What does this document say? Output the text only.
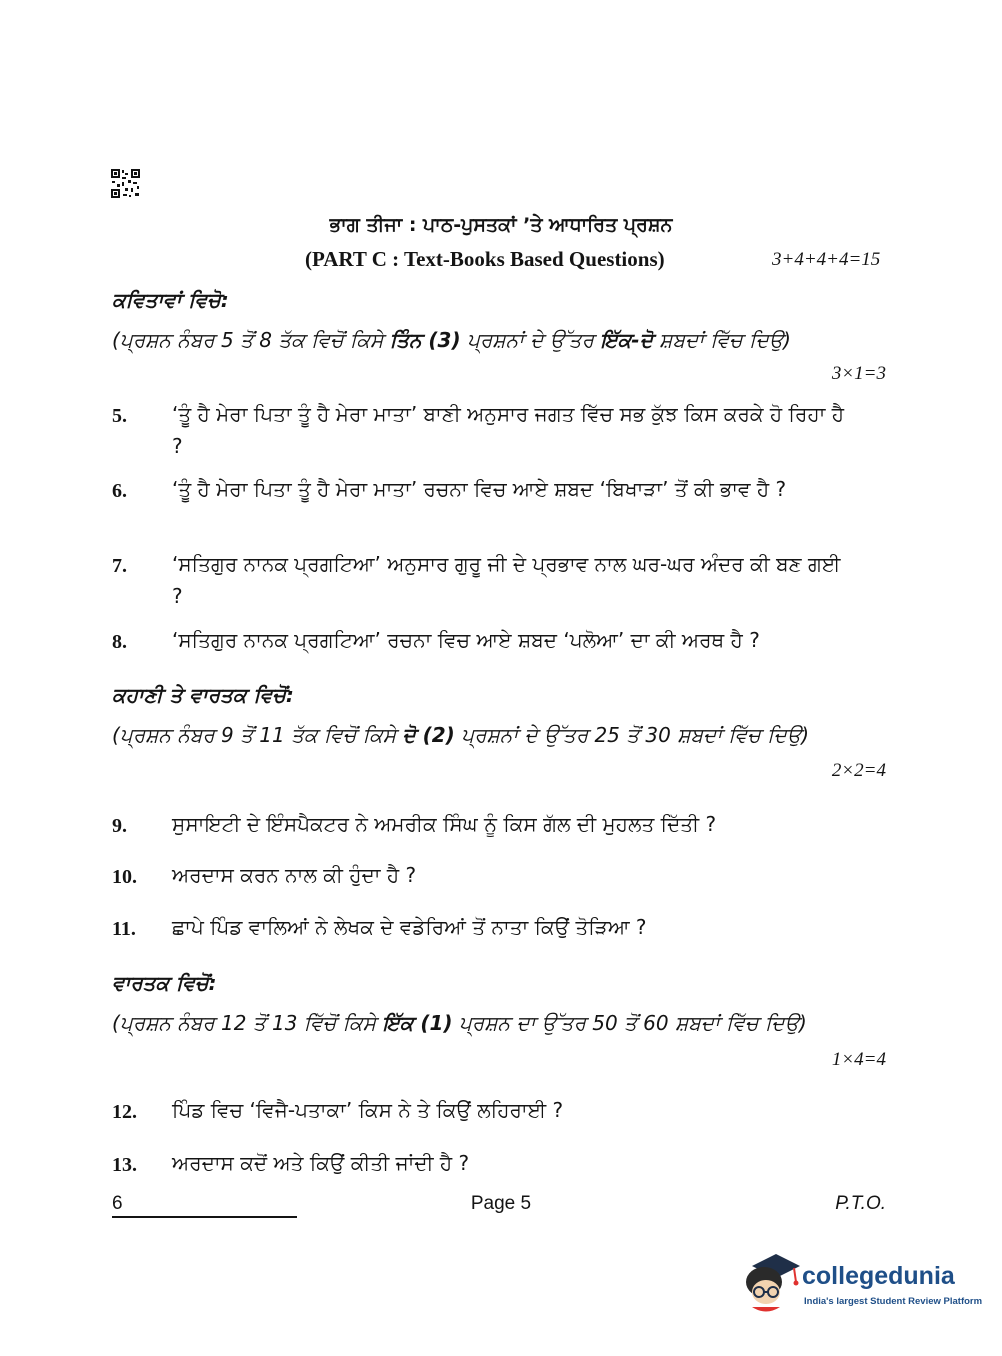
ਭਾਗ ਤੀਜਾ : ਪਾਠ-ਪੁਸਤਕਾਂ ’ਤੇ ਆਧਾਰਿਤ ਪ੍ਰਸ਼ਨ
(PART C : Text-Books Based Questions)	3+4+4+4=15
ਕਵਿਤਾਵਾਂ ਵਿਚੋ:
(ਪ੍ਰਸ਼ਨ ਨੰਬਰ 5 ਤੋਂ 8 ਤੱਕ ਵਿਚੋਂ ਕਿਸੇ ਤਿੰਨ (3) ਪ੍ਰਸ਼ਨਾਂ ਦੇ ਉੱਤਰ ਇੱਕ-ਦੋ ਸ਼ਬਦਾਂ ਵਿੱਚ ਦਿਉ)
3×1=3
5.	‘ਤੂੰ ਹੈ ਮੇਰਾ ਪਿਤਾ ਤੂੰ ਹੈ ਮੇਰਾ ਮਾਤਾ’ ਬਾਣੀ ਅਨੁਸਾਰ ਜਗਤ ਵਿੱਚ ਸਭ ਕੁੱਝ ਕਿਸ ਕਰਕੇ ਹੋ ਰਿਹਾ ਹੈ ?
6.	‘ਤੂੰ ਹੈ ਮੇਰਾ ਪਿਤਾ ਤੂੰ ਹੈ ਮੇਰਾ ਮਾਤਾ’ ਰਚਨਾ ਵਿਚ ਆਏ ਸ਼ਬਦ ‘ਬਿਖਾੜਾ’ ਤੋਂ ਕੀ ਭਾਵ ਹੈ ?
7.	‘ਸਤਿਗੁਰ ਨਾਨਕ ਪ੍ਰਗਟਿਆ’ ਅਨੁਸਾਰ ਗੁਰੂ ਜੀ ਦੇ ਪ੍ਰਭਾਵ ਨਾਲ ਘਰ-ਘਰ ਅੰਦਰ ਕੀ ਬਣ ਗਈ ?
8.	‘ਸਤਿਗੁਰ ਨਾਨਕ ਪ੍ਰਗਟਿਆ’ ਰਚਨਾ ਵਿਚ ਆਏ ਸ਼ਬਦ ‘ਪਲੋਆ’ ਦਾ ਕੀ ਅਰਥ ਹੈ ?
ਕਹਾਣੀ ਤੇ ਵਾਰਤਕ ਵਿਚੋਂ:
(ਪ੍ਰਸ਼ਨ ਨੰਬਰ 9 ਤੋਂ 11 ਤੱਕ ਵਿਚੋਂ ਕਿਸੇ ਦੋ (2) ਪ੍ਰਸ਼ਨਾਂ ਦੇ ਉੱਤਰ 25 ਤੋਂ 30 ਸ਼ਬਦਾਂ ਵਿੱਚ ਦਿਉ)
2×2=4
9.	ਸੁਸਾਇਟੀ ਦੇ ਇੰਸਪੈਕਟਰ ਨੇ ਅਮਰੀਕ ਸਿੰਘ ਨੂੰ ਕਿਸ ਗੱਲ ਦੀ ਮੁਹਲਤ ਦਿੱਤੀ ?
10.	ਅਰਦਾਸ ਕਰਨ ਨਾਲ ਕੀ ਹੁੰਦਾ ਹੈ ?
11.	ਛਾਪੇ ਪਿੰਡ ਵਾਲਿਆਂ ਨੇ ਲੇਖਕ ਦੇ ਵਡੇਰਿਆਂ ਤੋਂ ਨਾਤਾ ਕਿਉਂ ਤੋੜਿਆ ?
ਵਾਰਤਕ ਵਿਚੋਂ:
(ਪ੍ਰਸ਼ਨ ਨੰਬਰ 12 ਤੋਂ 13 ਵਿੱਚੋਂ ਕਿਸੇ ਇੱਕ (1) ਪ੍ਰਸ਼ਨ ਦਾ ਉੱਤਰ 50 ਤੋਂ 60 ਸ਼ਬਦਾਂ ਵਿੱਚ ਦਿਉ)
1×4=4
12.	ਪਿੰਡ ਵਿਚ ‘ਵਿਜੈ-ਪਤਾਕਾ’ ਕਿਸ ਨੇ ਤੇ ਕਿਉਂ ਲਹਿਰਾਈ ?
13.	ਅਰਦਾਸ ਕਦੋਂ ਅਤੇ ਕਿਉਂ ਕੀਤੀ ਜਾਂਦੀ ਹੈ ?
6	Page 5	P.T.O.
collegedunia
India's largest Student Review Platform
